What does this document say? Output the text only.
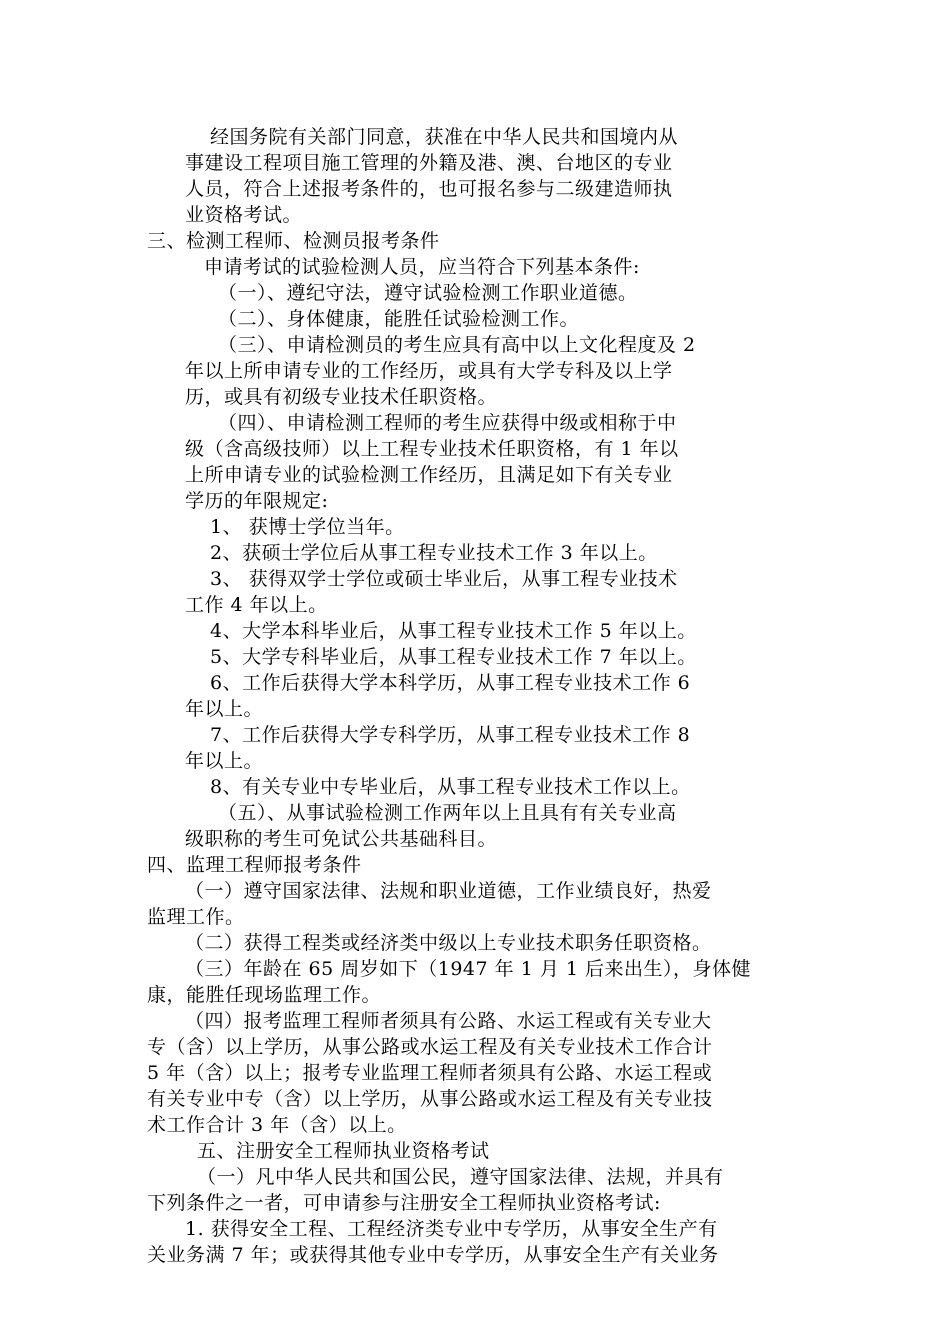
经国务院有关部门同意，获准在中华人民共和国境内从
事建设工程项目施工管理的外籍及港、澳、台地区的专业
人员，符合上述报考条件的，也可报名参与二级建造师执
业资格考试。
三、检测工程师、检测员报考条件
申请考试的试验检测人员，应当符合下列基本条件:
（一）、遵纪守法，遵守试验检测工作职业道德。
（二）、身体健康，能胜任试验检测工作。
（三）、申请检测员的考生应具有高中以上文化程度及 2
年以上所申请专业的工作经历，或具有大学专科及以上学
历，或具有初级专业技术任职资格。
（四）、申请检测工程师的考生应获得中级或相称于中
级（含高级技师）以上工程专业技术任职资格，有 1 年以
上所申请专业的试验检测工作经历，且满足如下有关专业
学历的年限规定:
1、 获博士学位当年。
2、获硕士学位后从事工程专业技术工作 3 年以上。
3、 获得双学士学位或硕士毕业后，从事工程专业技术
工作 4 年以上。
4、大学本科毕业后，从事工程专业技术工作 5 年以上。
5、大学专科毕业后，从事工程专业技术工作 7 年以上。
6、工作后获得大学本科学历，从事工程专业技术工作 6
年以上。
7、工作后获得大学专科学历，从事工程专业技术工作 8
年以上。
8、有关专业中专毕业后，从事工程专业技术工作以上。
（五）、从事试验检测工作两年以上且具有有关专业高
级职称的考生可免试公共基础科目。
四、监理工程师报考条件
（一）遵守国家法律、法规和职业道德，工作业绩良好，热爱
监理工作。
（二）获得工程类或经济类中级以上专业技术职务任职资格。
（三）年龄在 65 周岁如下（1947 年 1 月 1 后来出生），身体健
康，能胜任现场监理工作。
（四）报考监理工程师者须具有公路、水运工程或有关专业大
专（含）以上学历，从事公路或水运工程及有关专业技术工作合计
5 年（含）以上；报考专业监理工程师者须具有公路、水运工程或
有关专业中专（含）以上学历，从事公路或水运工程及有关专业技
术工作合计 3 年（含）以上。
五、注册安全工程师执业资格考试
（一）凡中华人民共和国公民，遵守国家法律、法规，并具有
下列条件之一者，可申请参与注册安全工程师执业资格考试:
1. 获得安全工程、工程经济类专业中专学历，从事安全生产有
关业务满 7 年；或获得其他专业中专学历，从事安全生产有关业务
